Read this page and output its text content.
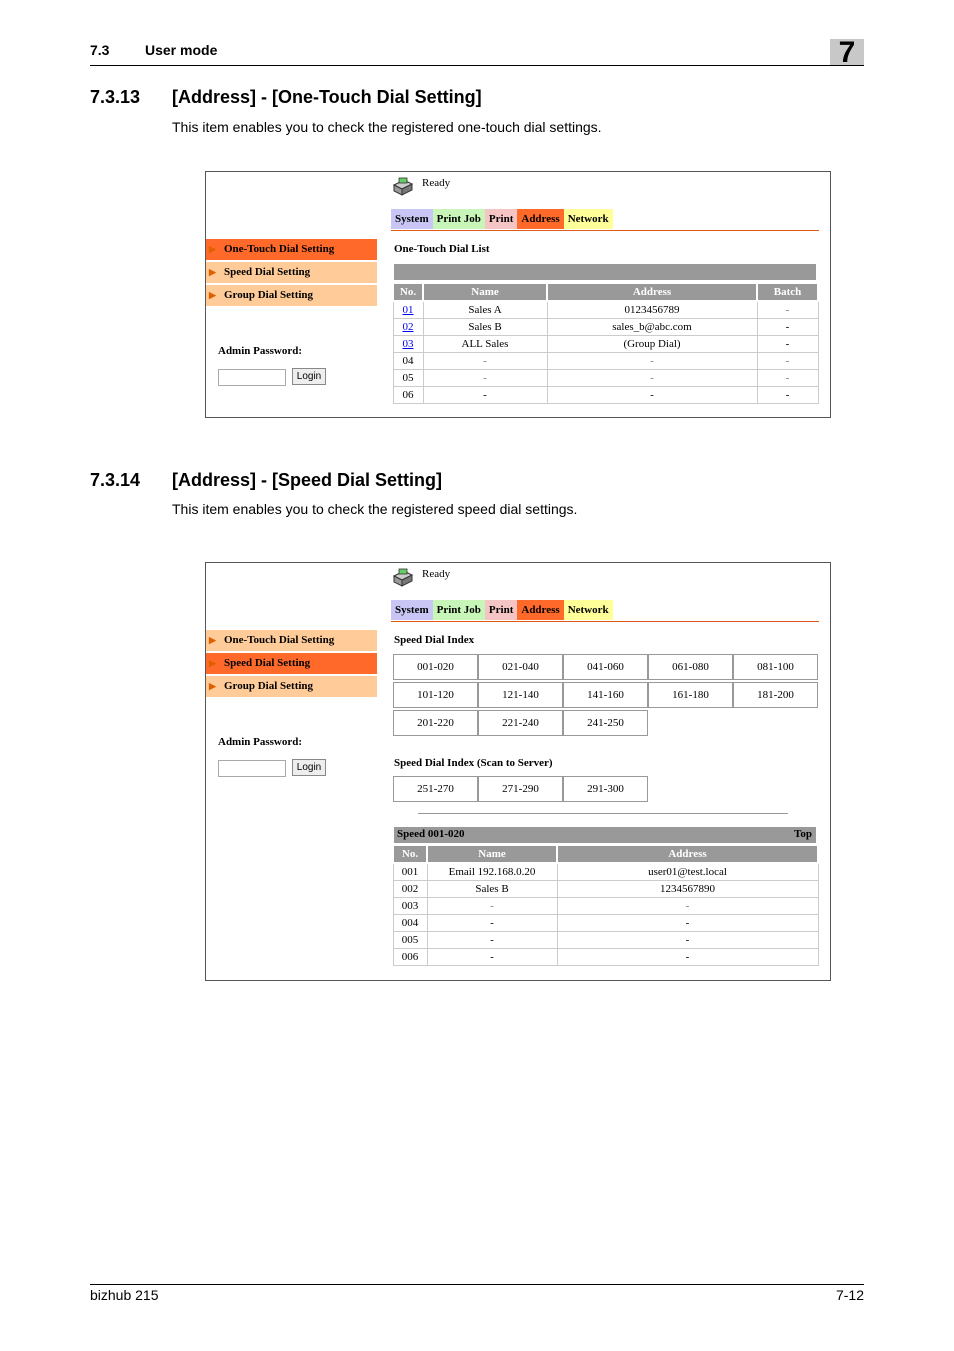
7.3	User mode	7
7.3.13 [Address] - [One-Touch Dial Setting]
This item enables you to check the registered one-touch dial settings.
Ready
System Print Job Print Address Network
▶ One-Touch Dial Setting
▶ Speed Dial Setting
▶ Group Dial Setting
Admin Password:
Login
One-Touch Dial List
No.	Name	Address	Batch
01	Sales A	0123456789	-
02	Sales B	sales_b@abc.com	-
03	ALL Sales	(Group Dial)	-
04	-	-	-
05	-	-	-
06	-	-	-
7.3.14 [Address] - [Speed Dial Setting]
This item enables you to check the registered speed dial settings.
Ready
System Print Job Print Address Network
▶ One-Touch Dial Setting
▶ Speed Dial Setting
▶ Group Dial Setting
Admin Password:
Login
Speed Dial Index
001-020	021-040	041-060	061-080	081-100
101-120	121-140	141-160	161-180	181-200
201-220	221-240	241-250
Speed Dial Index (Scan to Server)
251-270	271-290	291-300
Speed 001-020	Top
No.	Name	Address
001	Email 192.168.0.20	user01@test.local
002	Sales B	1234567890
003	-	-
004	-	-
005	-	-
006	-	-
bizhub 215	7-12
